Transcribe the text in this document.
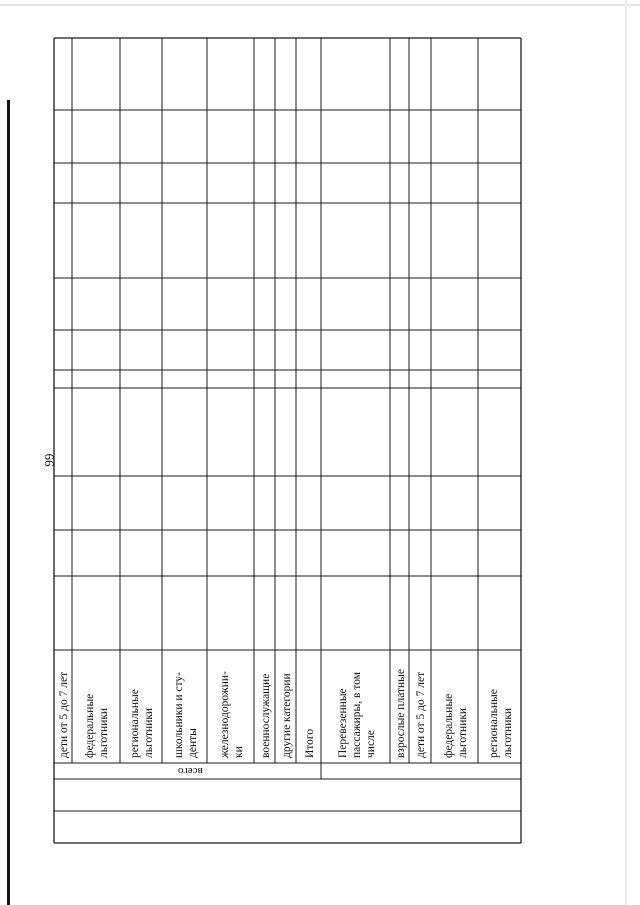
66
дети от 5 до 7 лет федеральные льготники региональные льготники школьники и сту- денты железнодорожни- ки военнослужащие другие категории Итого Перевезенные пассажиры, в том числе взрослые платные дети от 5 до 7 лет федеральные льготники региональные льготники
всего
